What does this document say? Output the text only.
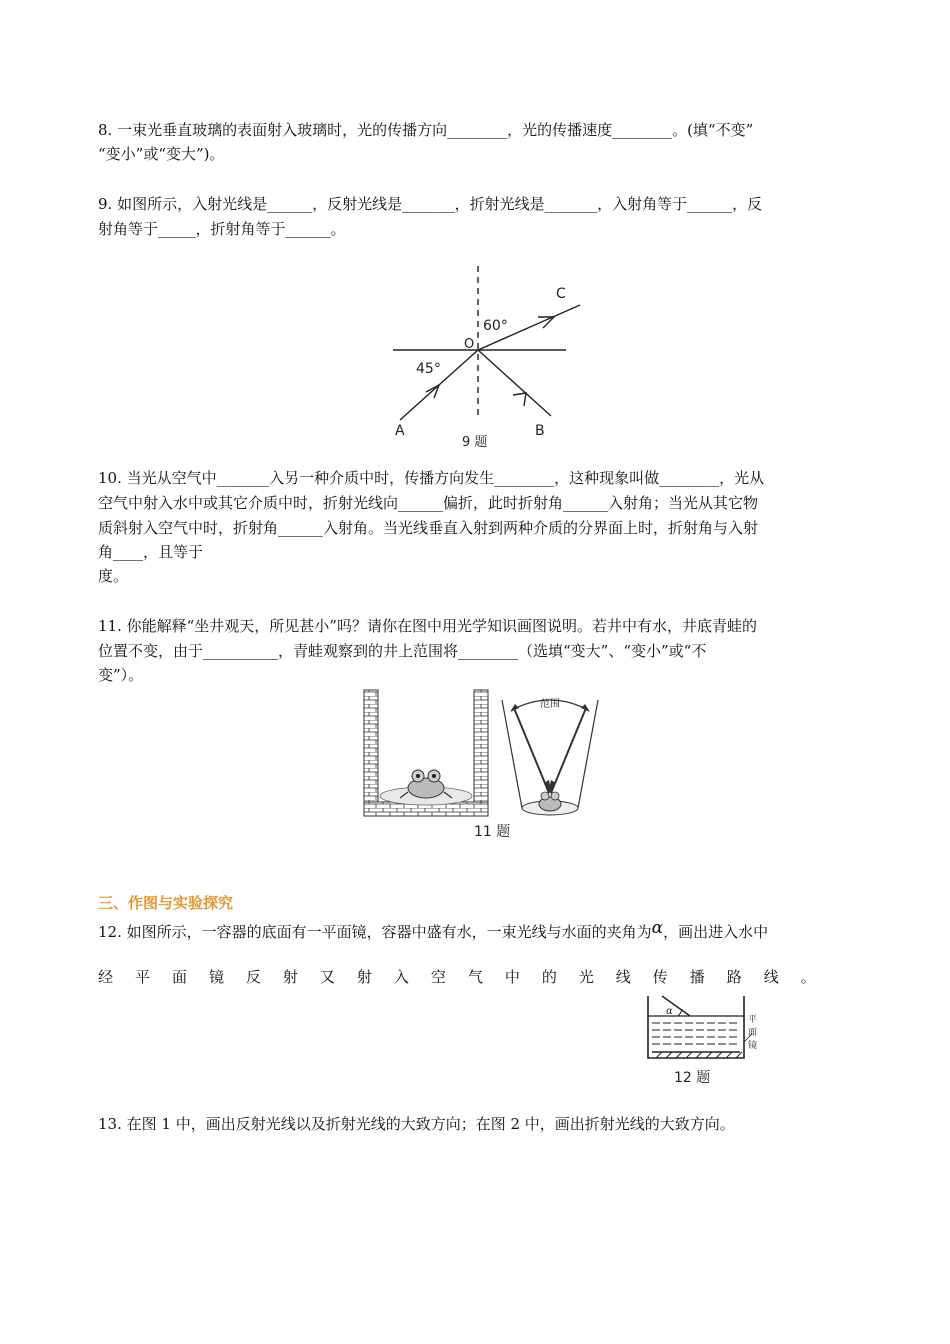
8. 一束光垂直玻璃的表面射入玻璃时，光的传播方向________，光的传播速度________。(填“不变”
“变小”或“变大”)。
9. 如图所示，入射光线是______，反射光线是_______，折射光线是_______，入射角等于______，反
射角等于_____，折射角等于______。
C
O
60°
45°
A	B
9 题
10. 当光从空气中_______入另一种介质中时，传播方向发生________，这种现象叫做________，光从
空气中射入水中或其它介质中时，折射光线向______偏折，此时折射角______入射角；当光从其它物
质斜射入空气中时，折射角______入射角。当光线垂直入射到两种介质的分界面上时，折射角与入射
角____，且等于
度。
11. 你能解释“坐井观天，所见甚小”吗？请你在图中用光学知识画图说明。若井中有水，井底青蛙的
位置不变，由于__________，青蛙观察到的井上范围将________（选填“变大”、“变小”或“不
变”）。
范围
11 题
三、作图与实验探究
12. 如图所示，一容器的底面有一平面镜，容器中盛有水，一束光线与水面的夹角为α，画出进入水中
经 平 面 镜 反 射 又 射 入 空 气 中 的 光 线 传 播 路 线 。
α
平
面
镜
12 题
13. 在图 1 中，画出反射光线以及折射光线的大致方向；在图 2 中，画出折射光线的大致方向。
